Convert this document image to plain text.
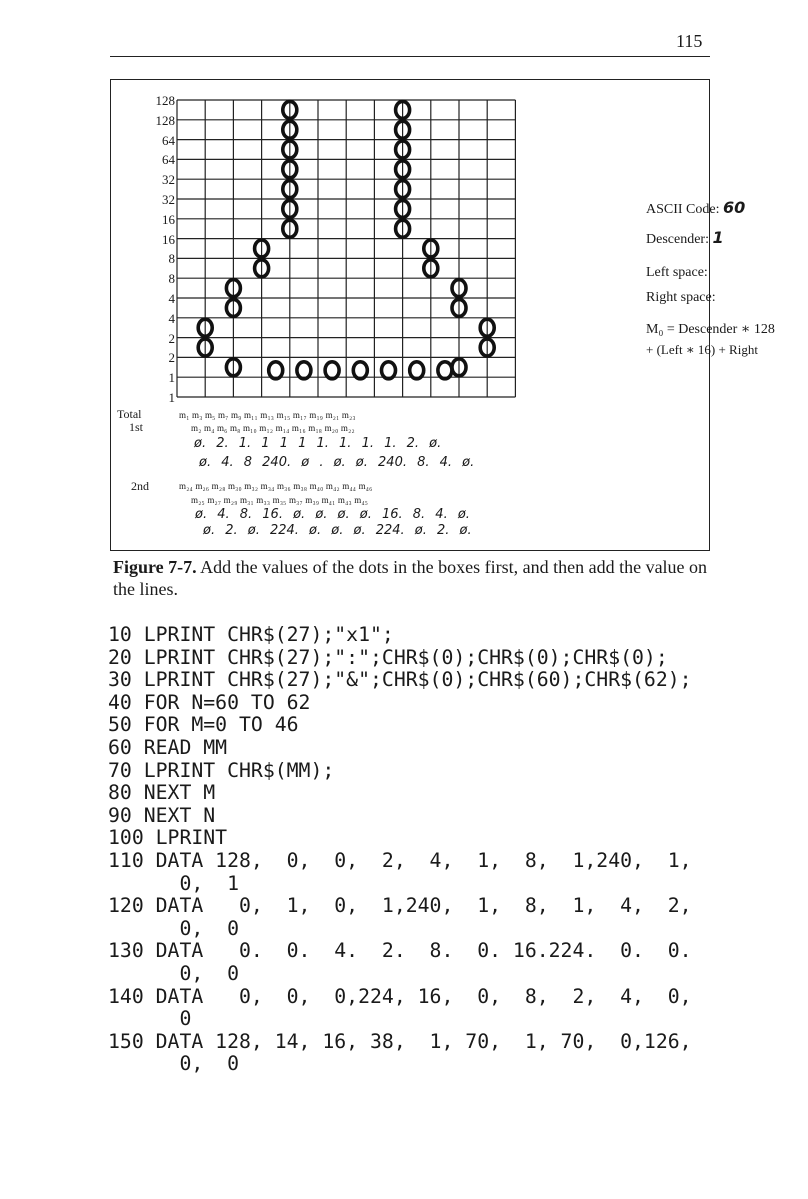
115
128
128
64
64
32
32
16
16
8
8
4
4
2
2
1
1
ASCII Code: 60
Descender: 1
Left space:
Right space:
M₀ = Descender ∗ 128
+ (Left ∗ 16) + Right
Total
1st
m₁ m₃ m₅ m₇ m₉ m₁₁ m₁₃ m₁₅ m₁₇ m₁₉ m₂₁ m₂₃
m₂ m₄ m₆ m₈ m₁₀ m₁₂ m₁₄ m₁₆ m₁₈ m₂₀ m₂₂
ø. 2. 1. 1 1 1 1. 1. 1. 1. 2. ø.
ø. 4. 8 240. ø . ø. ø. 240. 8. 4. ø.
2nd	m₂₄ m₂₆ m₂₈ m₃₀ m₃₂ m₃₄ m₃₆ m₃₈ m₄₀ m₄₂ m₄₄ m₄₆
m₂₅ m₂₇ m₂₉ m₃₁ m₃₃ m₃₅ m₃₇ m₃₉ m₄₁ m₄₃ m₄₅
ø. 4. 8. 16. ø. ø. ø. ø. 16. 8. 4. ø.
ø. 2. ø. 224. ø. ø. ø. 224. ø. 2. ø.
Figure 7-7. Add the values of the dots in the boxes first, and then add the value on the lines.
10 LPRINT CHR$(27);"x1";
20 LPRINT CHR$(27);":";CHR$(0);CHR$(0);CHR$(0);
30 LPRINT CHR$(27);"&";CHR$(0);CHR$(60);CHR$(62);
40 FOR N=60 TO 62
50 FOR M=0 TO 46
60 READ MM
70 LPRINT CHR$(MM);
80 NEXT M
90 NEXT N
100 LPRINT
110 DATA 128,  0,  0,  2,  4,  1,  8,  1,240,  1,
0,  1
120 DATA   0,  1,  0,  1,240,  1,  8,  1,  4,  2,
0,  0
130 DATA   0.  0.  4.  2.  8.  0. 16.224.  0.  0.
0,  0
140 DATA   0,  0,  0,224, 16,  0,  8,  2,  4,  0,
0
150 DATA 128, 14, 16, 38,  1, 70,  1, 70,  0,126,
0,  0
